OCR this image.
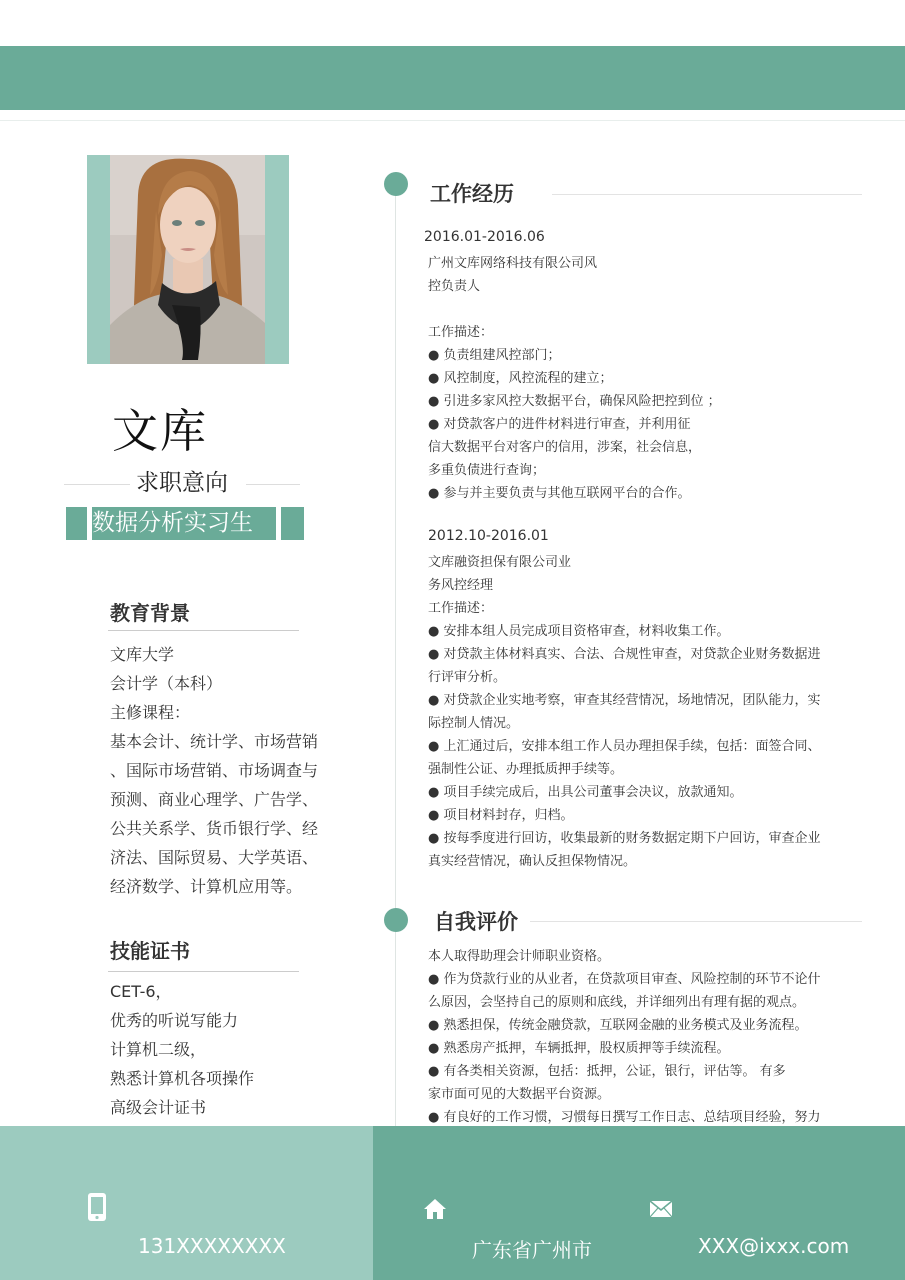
文库
求职意向
数据分析实习生
教育背景
文库大学
会计学（本科）
主修课程：
基本会计、统计学、市场营销
、国际市场营销、市场调查与
预测、商业心理学、广告学、
公共关系学、货币银行学、经
济法、国际贸易、大学英语、
经济数学、计算机应用等。
技能证书
CET-6，
优秀的听说写能力
计算机二级，
熟悉计算机各项操作
高级会计证书
工作经历
2016.01-2016.06
广州文库网络科技有限公司风
控负责人
工作描述：
● 负责组建风控部门；
● 风控制度，风控流程的建立；
● 引进多家风控大数据平台，确保风险把控到位 ；
● 对贷款客户的进件材料进行审查，并利用征
信大数据平台对客户的信用，涉案，社会信息，
多重负债进行查询；
● 参与并主要负责与其他互联网平台的合作。
2012.10-2016.01
文库融资担保有限公司业
务风控经理
工作描述：
● 安排本组人员完成项目资格审查，材料收集工作。
● 对贷款主体材料真实、合法、合规性审查，对贷款企业财务数据进
行评审分析。
● 对贷款企业实地考察，审查其经营情况，场地情况，团队能力，实
际控制人情况。
● 上汇通过后，安排本组工作人员办理担保手续，包括：面签合同、
强制性公证、办理抵质押手续等。
● 项目手续完成后，出具公司董事会决议，放款通知。
● 项目材料封存，归档。
● 按每季度进行回访，收集最新的财务数据定期下户回访，审查企业
真实经营情况，确认反担保物情况。
自我评价
本人取得助理会计师职业资格。
● 作为贷款行业的从业者，在贷款项目审查、风险控制的环节不论什
么原因，会坚持自己的原则和底线，并详细列出有理有据的观点。
● 熟悉担保，传统金融贷款，互联网金融的业务模式及业务流程。
● 熟悉房产抵押，车辆抵押，股权质押等手续流程。
● 有各类相关资源，包括：抵押，公证，银行，评估等。 有多
家市面可见的大数据平台资源。
● 有良好的工作习惯，习惯每日撰写工作日志、总结项目经验，努力
131XXXXXXXX	广东省广州市	XXX@ixxx.com
